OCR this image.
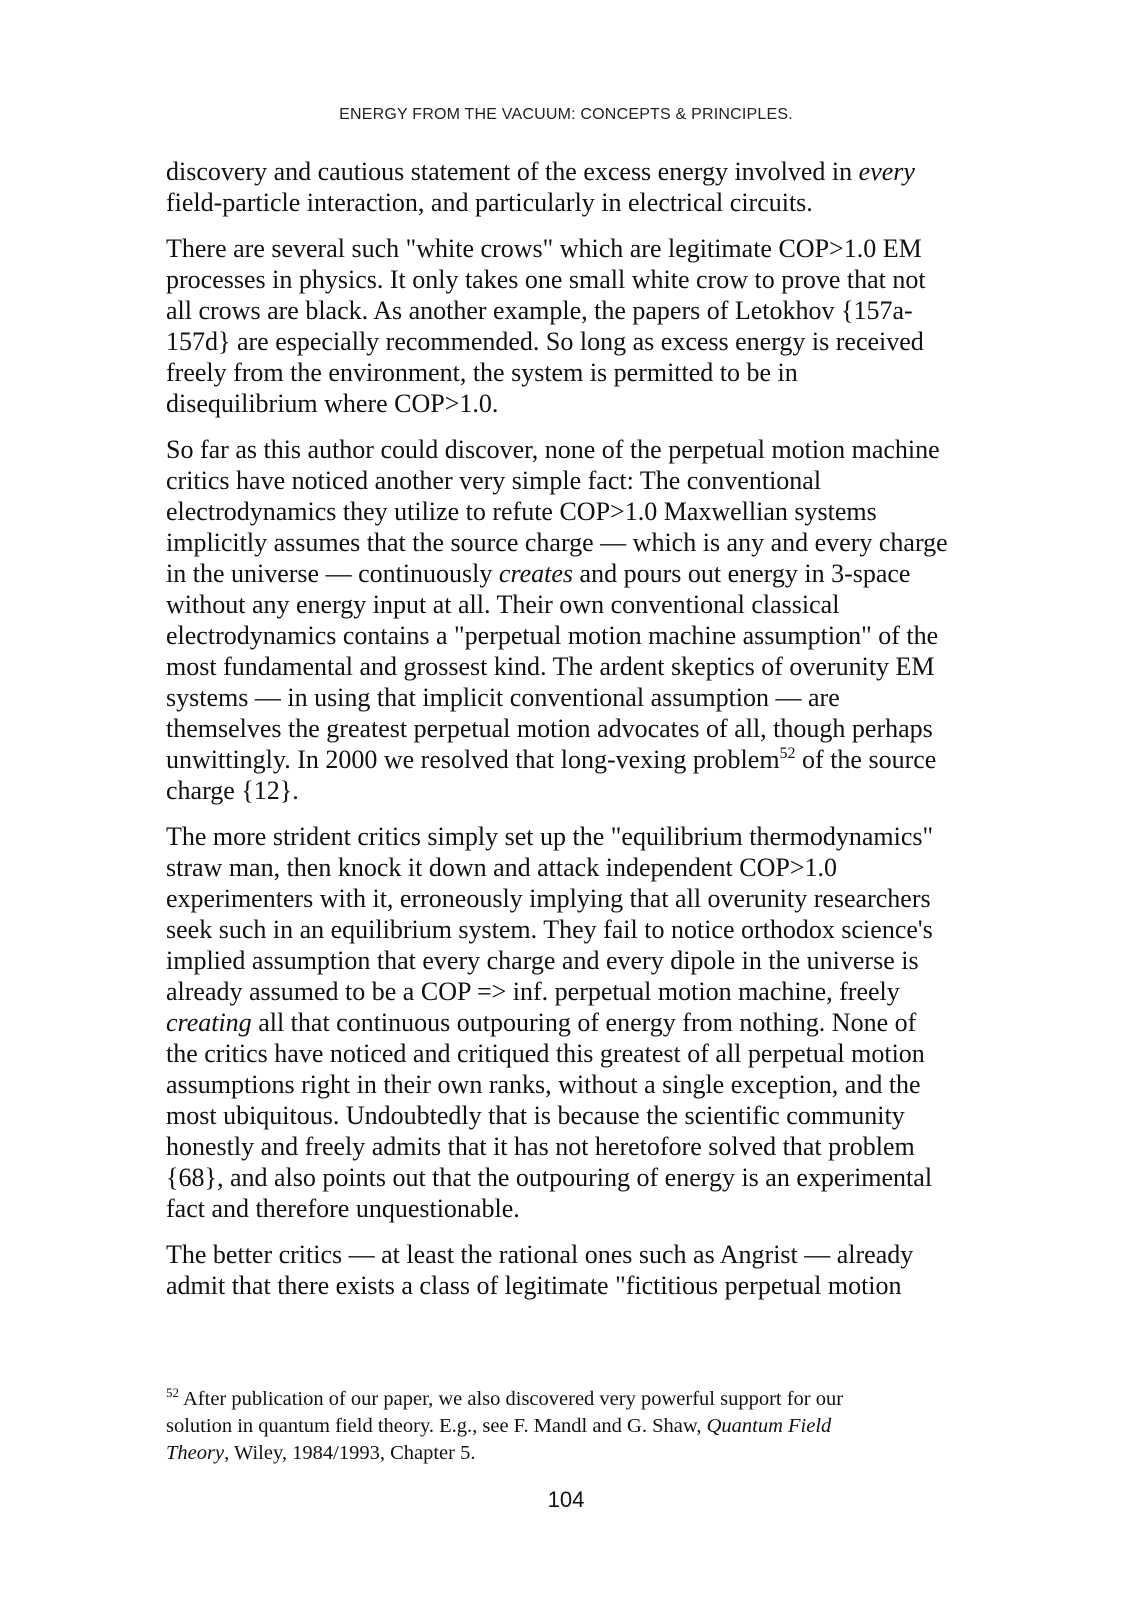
ENERGY FROM THE VACUUM: CONCEPTS & PRINCIPLES.

discovery and cautious statement of the excess energy involved in every
field-particle interaction, and particularly in electrical circuits.

There are several such "white crows" which are legitimate COP>1.0 EM
processes in physics. It only takes one small white crow to prove that not
all crows are black. As another example, the papers of Letokhov {157a-
157d} are especially recommended. So long as excess energy is received
freely from the environment, the system is permitted to be in
disequilibrium where COP>1.0.

So far as this author could discover, none of the perpetual motion machine
critics have noticed another very simple fact: The conventional
electrodynamics they utilize to refute COP>1.0 Maxwellian systems
implicitly assumes that the source charge — which is any and every charge
in the universe — continuously creates and pours out energy in 3-space
without any energy input at all. Their own conventional classical
electrodynamics contains a "perpetual motion machine assumption" of the
most fundamental and grossest kind. The ardent skeptics of overunity EM
systems — in using that implicit conventional assumption — are
themselves the greatest perpetual motion advocates of all, though perhaps
unwittingly. In 2000 we resolved that long-vexing problem$^{52}$ of the source
charge {12}.

The more strident critics simply set up the "equilibrium thermodynamics"
straw man, then knock it down and attack independent COP>1.0
experimenters with it, erroneously implying that all overunity researchers
seek such in an equilibrium system. They fail to notice orthodox science's
implied assumption that every charge and every dipole in the universe is
already assumed to be a COP => inf. perpetual motion machine, freely
creating all that continuous outpouring of energy from nothing. None of
the critics have noticed and critiqued this greatest of all perpetual motion
assumptions right in their own ranks, without a single exception, and the
most ubiquitous. Undoubtedly that is because the scientific community
honestly and freely admits that it has not heretofore solved that problem
{68}, and also points out that the outpouring of energy is an experimental
fact and therefore unquestionable.

The better critics — at least the rational ones such as Angrist — already
admit that there exists a class of legitimate "fictitious perpetual motion

$^{52}$ After publication of our paper, we also discovered very powerful support for our
solution in quantum field theory. E.g., see F. Mandl and G. Shaw, Quantum Field
Theory, Wiley, 1984/1993, Chapter 5.
104
